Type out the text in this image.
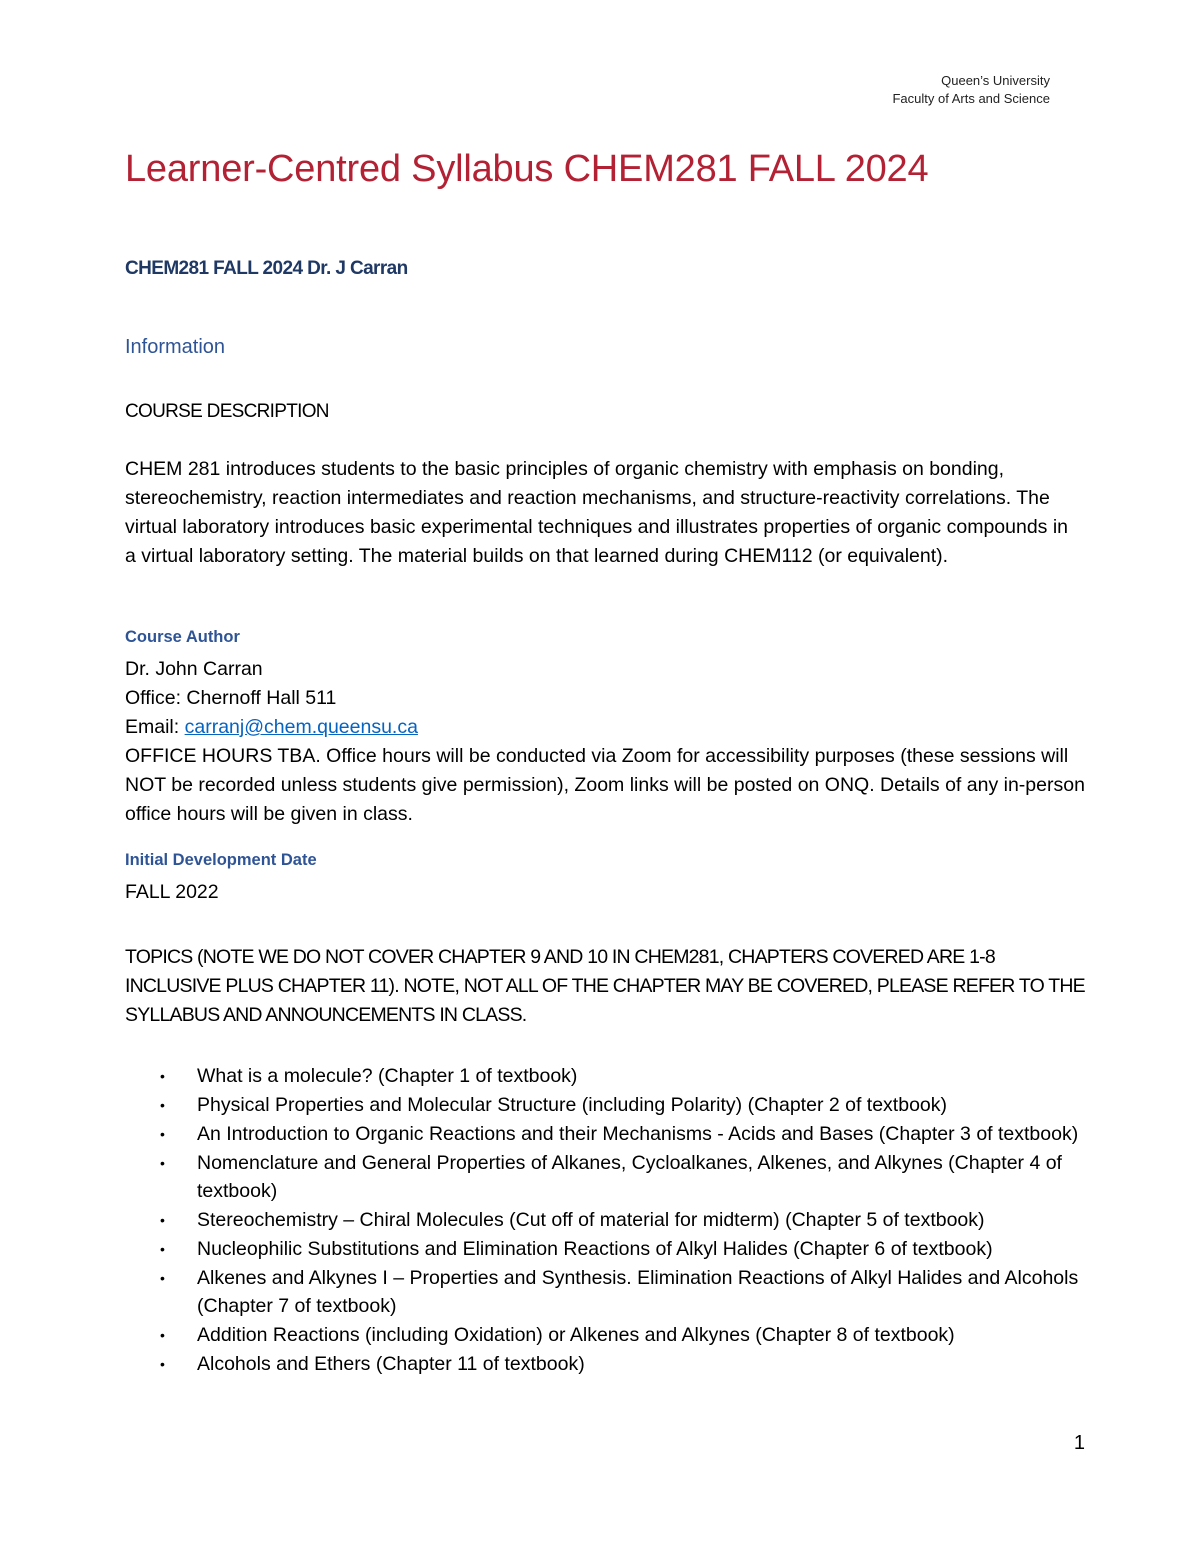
Queen’s University
Faculty of Arts and Science
Learner-Centred Syllabus CHEM281 FALL 2024
CHEM281 FALL 2024 Dr. J Carran
Information
COURSE DESCRIPTION

CHEM 281 introduces students to the basic principles of organic chemistry with emphasis on bonding, stereochemistry, reaction intermediates and reaction mechanisms, and structure-reactivity correlations. The virtual laboratory introduces basic experimental techniques and illustrates properties of organic compounds in a virtual laboratory setting. The material builds on that learned during CHEM112 (or equivalent).

Course Author
Dr. John Carran
Office: Chernoff Hall 511
Email: carranj@chem.queensu.ca
OFFICE HOURS TBA. Office hours will be conducted via Zoom for accessibility purposes (these sessions will NOT be recorded unless students give permission), Zoom links will be posted on ONQ. Details of any in-person office hours will be given in class.
Initial Development Date
FALL 2022

TOPICS (NOTE WE DO NOT COVER CHAPTER 9 AND 10 IN CHEM281, CHAPTERS COVERED ARE 1-8 INCLUSIVE PLUS CHAPTER 11). NOTE, NOT ALL OF THE CHAPTER MAY BE COVERED, PLEASE REFER TO THE SYLLABUS AND ANNOUNCEMENTS IN CLASS.

• What is a molecule? (Chapter 1 of textbook)
• Physical Properties and Molecular Structure (including Polarity) (Chapter 2 of textbook)
• An Introduction to Organic Reactions and their Mechanisms - Acids and Bases (Chapter 3 of textbook)
• Nomenclature and General Properties of Alkanes, Cycloalkanes, Alkenes, and Alkynes (Chapter 4 of textbook)
• Stereochemistry – Chiral Molecules (Cut off of material for midterm) (Chapter 5 of textbook)
• Nucleophilic Substitutions and Elimination Reactions of Alkyl Halides (Chapter 6 of textbook)
• Alkenes and Alkynes I – Properties and Synthesis. Elimination Reactions of Alkyl Halides and Alcohols (Chapter 7 of textbook)
• Addition Reactions (including Oxidation) or Alkenes and Alkynes (Chapter 8 of textbook)
• Alcohols and Ethers (Chapter 11 of textbook)
1
